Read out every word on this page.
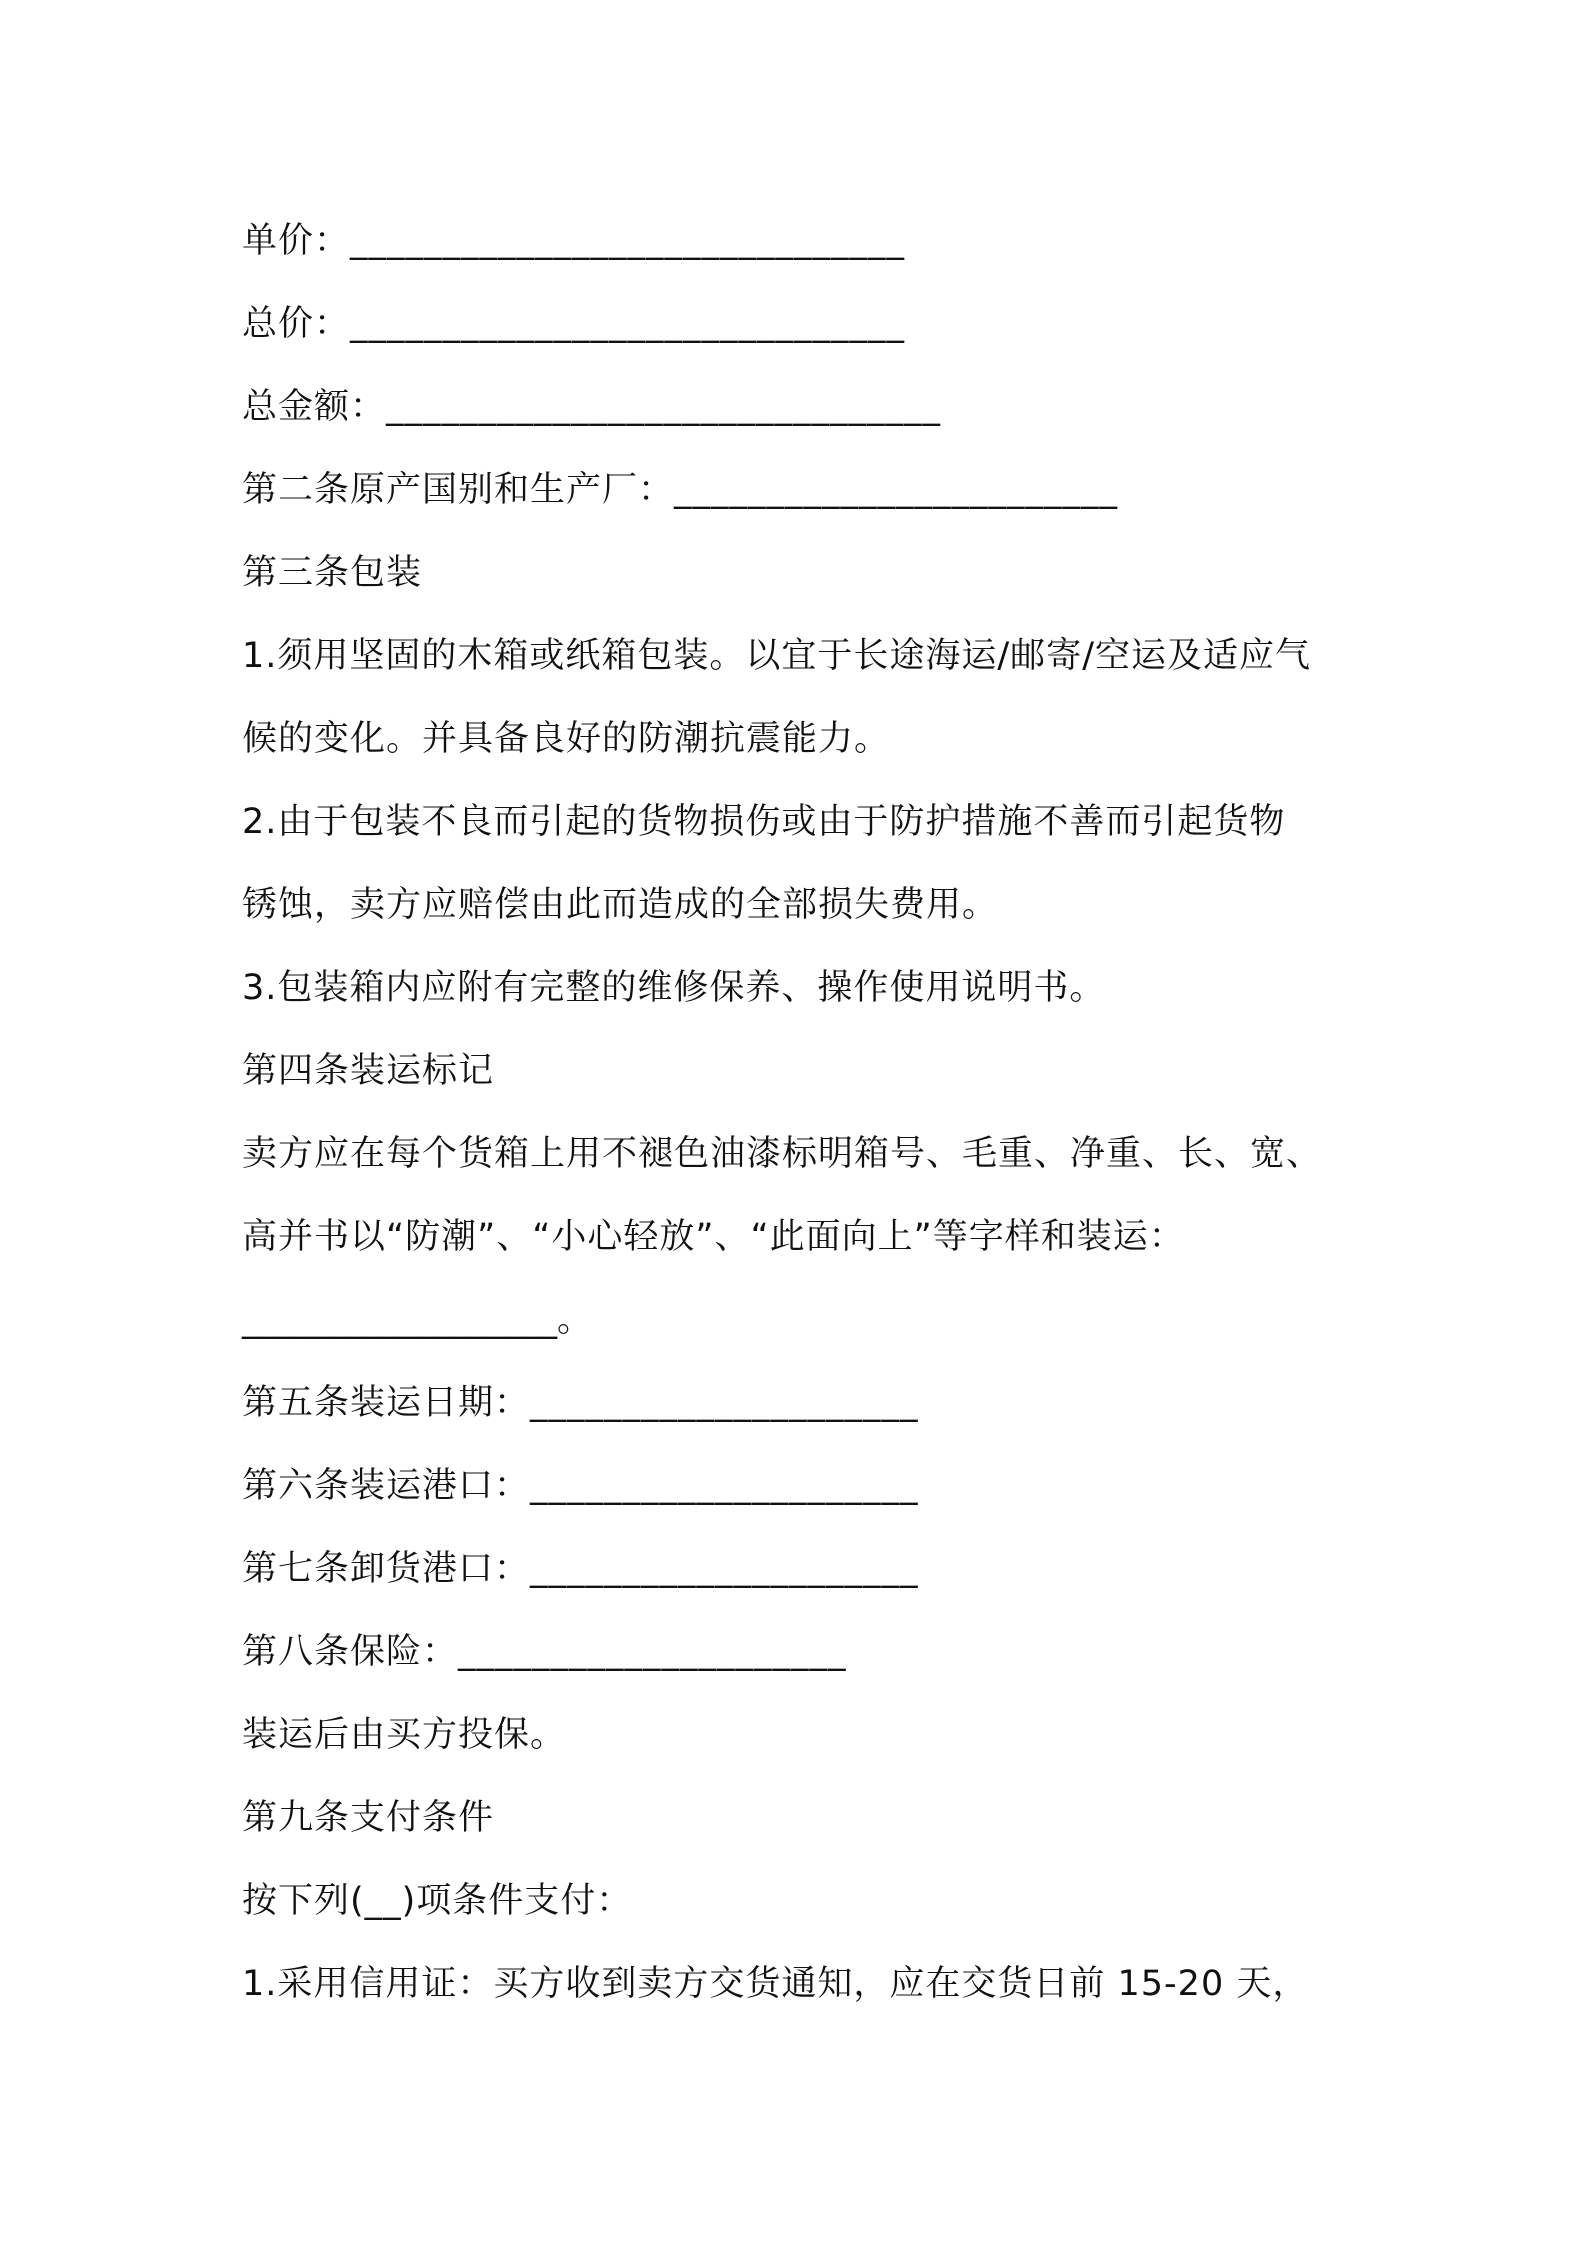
单价：______________________________
总价：______________________________
总金额：______________________________
第二条原产国别和生产厂：________________________
第三条包装
1.须用坚固的木箱或纸箱包装。以宜于长途海运/邮寄/空运及适应气
候的变化。并具备良好的防潮抗震能力。
2.由于包装不良而引起的货物损伤或由于防护措施不善而引起货物
锈蚀，卖方应赔偿由此而造成的全部损失费用。
3.包装箱内应附有完整的维修保养、操作使用说明书。
第四条装运标记
卖方应在每个货箱上用不褪色油漆标明箱号、毛重、净重、长、宽、
高并书以“防潮”、“小心轻放”、“此面向上”等字样和装运：
__________________。
第五条装运日期：_____________________
第六条装运港口：_____________________
第七条卸货港口：_____________________
第八条保险：_____________________
装运后由买方投保。
第九条支付条件
按下列(__)项条件支付：
1.采用信用证：买方收到卖方交货通知，应在交货日前 15-20 天，
